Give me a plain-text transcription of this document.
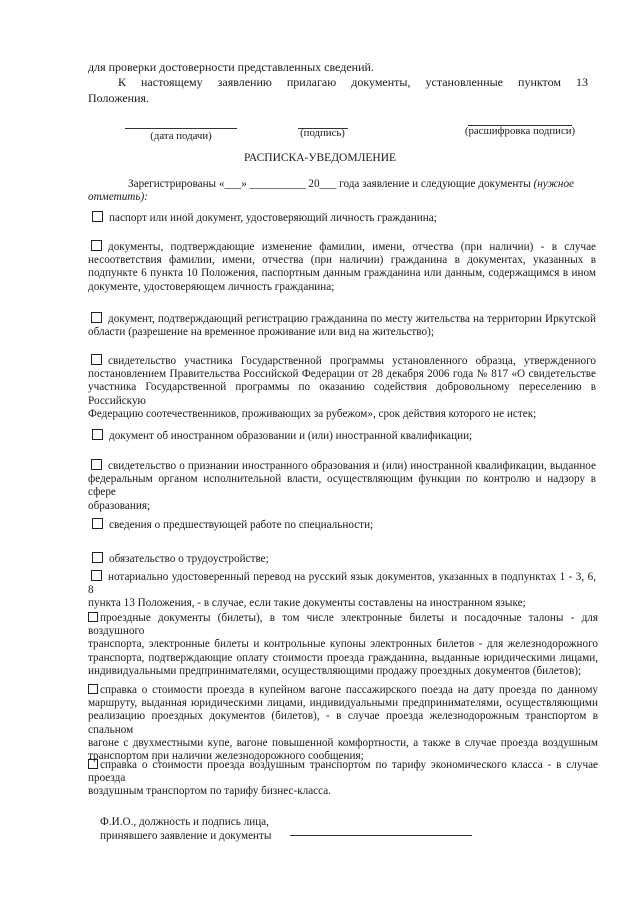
для проверки достоверности представленных сведений.
К настоящему заявлению прилагаю документы, установленные пунктом 13
Положения.
(дата подачи)	(подпись)	(расшифровка подписи)
РАСПИСКА-УВЕДОМЛЕНИЕ
Зарегистрированы «___» __________ 20___ года заявление и следующие документы (нужное
отметить):
паспорт или иной документ, удостоверяющий личность гражданина;
документы, подтверждающие изменение фамилии, имени, отчества (при наличии) - в случае
несоответствия фамилии, имени, отчества (при наличии) гражданина в документах, указанных в
подпункте 6 пункта 10 Положения, паспортным данным гражданина или данным, содержащимся в ином
документе, удостоверяющем личность гражданина;
документ, подтверждающий регистрацию гражданина по месту жительства на территории Иркутской
области (разрешение на временное проживание или вид на жительство);
свидетельство участника Государственной программы установленного образца, утвержденного
постановлением Правительства Российской Федерации от 28 декабря 2006 года № 817 «О свидетельстве
участника Государственной программы по оказанию содействия добровольному переселению в Российскую
Федерацию соотечественников, проживающих за рубежом», срок действия которого не истек;
документ об иностранном образовании и (или) иностранной квалификации;
свидетельство о признании иностранного образования и (или) иностранной квалификации, выданное
федеральным органом исполнительной власти, осуществляющим функции по контролю и надзору в сфере
образования;
сведения о предшествующей работе по специальности;
обязательство о трудоустройстве;
нотариально удостоверенный перевод на русский язык документов, указанных в подпунктах 1 - 3, 6, 8
пункта 13 Положения, - в случае, если такие документы составлены на иностранном языке;
проездные документы (билеты), в том числе электронные билеты и посадочные талоны - для воздушного
транспорта, электронные билеты и контрольные купоны электронных билетов - для железнодорожного
транспорта, подтверждающие оплату стоимости проезда гражданина, выданные юридическими лицами,
индивидуальными предпринимателями, осуществляющими продажу проездных документов (билетов);
справка о стоимости проезда в купейном вагоне пассажирского поезда на дату проезда по данному
маршруту, выданная юридическими лицами, индивидуальными предпринимателями, осуществляющими
реализацию проездных документов (билетов), - в случае проезда железнодорожным транспортом в спальном
вагоне с двухместными купе, вагоне повышенной комфортности, а также в случае проезда воздушным
транспортом при наличии железнодорожного сообщения;
справка о стоимости проезда воздушным транспортом по тарифу экономического класса - в случае проезда
воздушным транспортом по тарифу бизнес-класса.
Ф.И.О., должность и подпись лица,
принявшего заявление и документы
